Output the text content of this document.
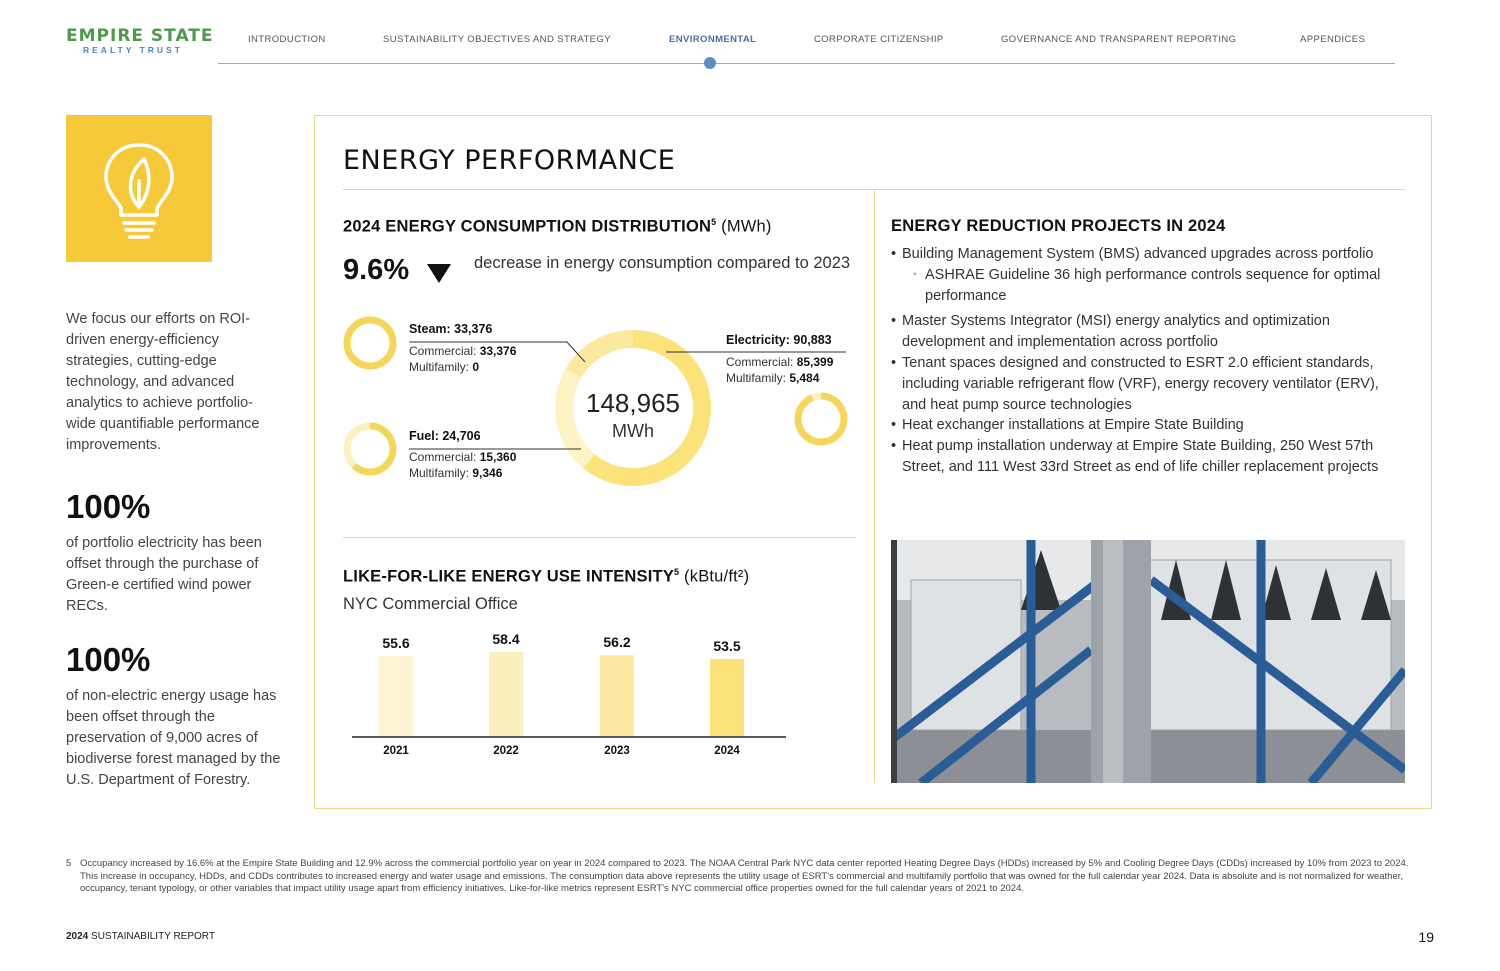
EMPIRE STATE
REALTY TRUST
INTRODUCTION	SUSTAINABILITY OBJECTIVES AND STRATEGY	ENVIRONMENTAL	CORPORATE CITIZENSHIP	GOVERNANCE AND TRANSPARENT REPORTING	APPENDICES
We focus our efforts on ROI-driven energy-efficiency strategies, cutting-edge technology, and advanced analytics to achieve portfolio-wide quantifiable performance improvements.
100%
of portfolio electricity has been offset through the purchase of Green-e certified wind power RECs.
100%
of non-electric energy usage has been offset through the preservation of 9,000 acres of biodiverse forest managed by the U.S. Department of Forestry.
ENERGY PERFORMANCE
2024 ENERGY CONSUMPTION DISTRIBUTION$^5$ (MWh)
9.6%	decrease in energy consumption compared to 2023
148,965
MWh
Steam: 33,376
Commercial: 33,376
Multifamily: 0
Fuel: 24,706
Commercial: 15,360
Multifamily: 9,346
Electricity: 90,883
Commercial: 85,399
Multifamily: 5,484
LIKE-FOR-LIKE ENERGY USE INTENSITY$^5$ (kBtu/ft²)
NYC Commercial Office
55.6
2021
58.4
2022
56.2
2023
53.5
2024
ENERGY REDUCTION PROJECTS IN 2024
• Building Management System (BMS) advanced upgrades across portfolio
◦ ASHRAE Guideline 36 high performance controls sequence for optimal performance
• Master Systems Integrator (MSI) energy analytics and optimization development and implementation across portfolio
• Tenant spaces designed and constructed to ESRT 2.0 efficient standards, including variable refrigerant flow (VRF), energy recovery ventilator (ERV), and heat pump source technologies
• Heat exchanger installations at Empire State Building
• Heat pump installation underway at Empire State Building, 250 West 57th Street, and 111 West 33rd Street as end of life chiller replacement projects
5 Occupancy increased by 16.6% at the Empire State Building and 12.9% across the commercial portfolio year on year in 2024 compared to 2023. The NOAA Central Park NYC data center reported Heating Degree Days (HDDs) increased by 5% and Cooling Degree Days (CDDs) increased by 10% from 2023 to 2024. This increase in occupancy, HDDs, and CDDs contributes to increased energy and water usage and emissions. The consumption data above represents the utility usage of ESRT's commercial and multifamily portfolio that was owned for the full calendar year 2024. Data is absolute and is not normalized for weather, occupancy, tenant typology, or other variables that impact utility usage apart from efficiency initiatives. Like-for-like metrics represent ESRT's NYC commercial office properties owned for the full calendar years of 2021 to 2024.
2024 SUSTAINABILITY REPORT	19
